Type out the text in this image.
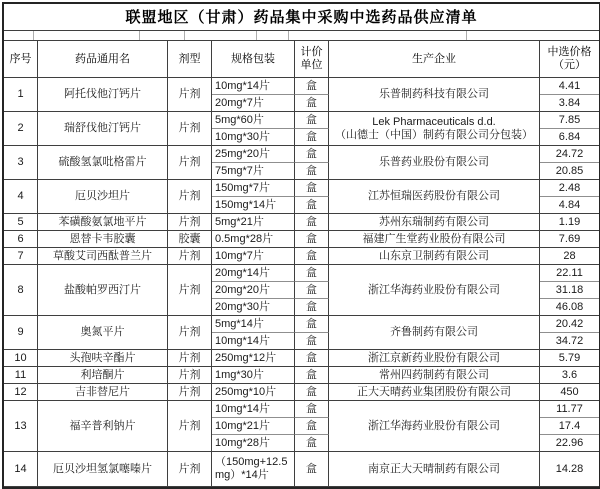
联盟地区（甘肃）药品集中采购中选药品供应清单						

序号	药品通用名	剂型	规格包装	计价单位	生产企业	中选价格（元）
1	阿托伐他汀钙片	片剂	10mg*14片	盒	乐普制药科技有限公司	4.41
			20mg*7片	盒		3.84
2	瑞舒伐他汀钙片	片剂	5mg*60片	盒	Lek Pharmaceuticals d.d.
（山德士（中国）制药有限公司分包装）	7.85
			10mg*30片	盒		6.84
3	硫酸氢氯吡格雷片	片剂	25mg*20片	盒	乐普药业股份有限公司	24.72
			75mg*7片	盒		20.85
4	厄贝沙坦片	片剂	150mg*7片	盒	江苏恒瑞医药股份有限公司	2.48
			150mg*14片	盒		4.84
5	苯磺酸氨氯地平片	片剂	5mg*21片	盒	苏州东瑞制药有限公司	1.19
6	恩替卡韦胶囊	胶囊	0.5mg*28片	盒	福建广生堂药业股份有限公司	7.69
7	草酸艾司西酞普兰片	片剂	10mg*7片	盒	山东京卫制药有限公司	28
8	盐酸帕罗西汀片	片剂	20mg*14片	盒	浙江华海药业股份有限公司	22.11
			20mg*20片	盒		31.18
			20mg*30片	盒		46.08
9	奥氮平片	片剂	5mg*14片	盒	齐鲁制药有限公司	20.42
			10mg*14片	盒		34.72
10	头孢呋辛酯片	片剂	250mg*12片	盒	浙江京新药业股份有限公司	5.79
11	利培酮片	片剂	1mg*30片	盒	常州四药制药有限公司	3.6
12	吉非替尼片	片剂	250mg*10片	盒	正大天晴药业集团股份有限公司	450
13	福辛普利钠片	片剂	10mg*14片	盒	浙江华海药业股份有限公司	11.77
			10mg*21片	盒		17.4
			10mg*28片	盒		22.96
14	厄贝沙坦氢氯噻嗪片	片剂	（150mg+12.5mg）*14片	盒	南京正大天晴制药有限公司	14.28
